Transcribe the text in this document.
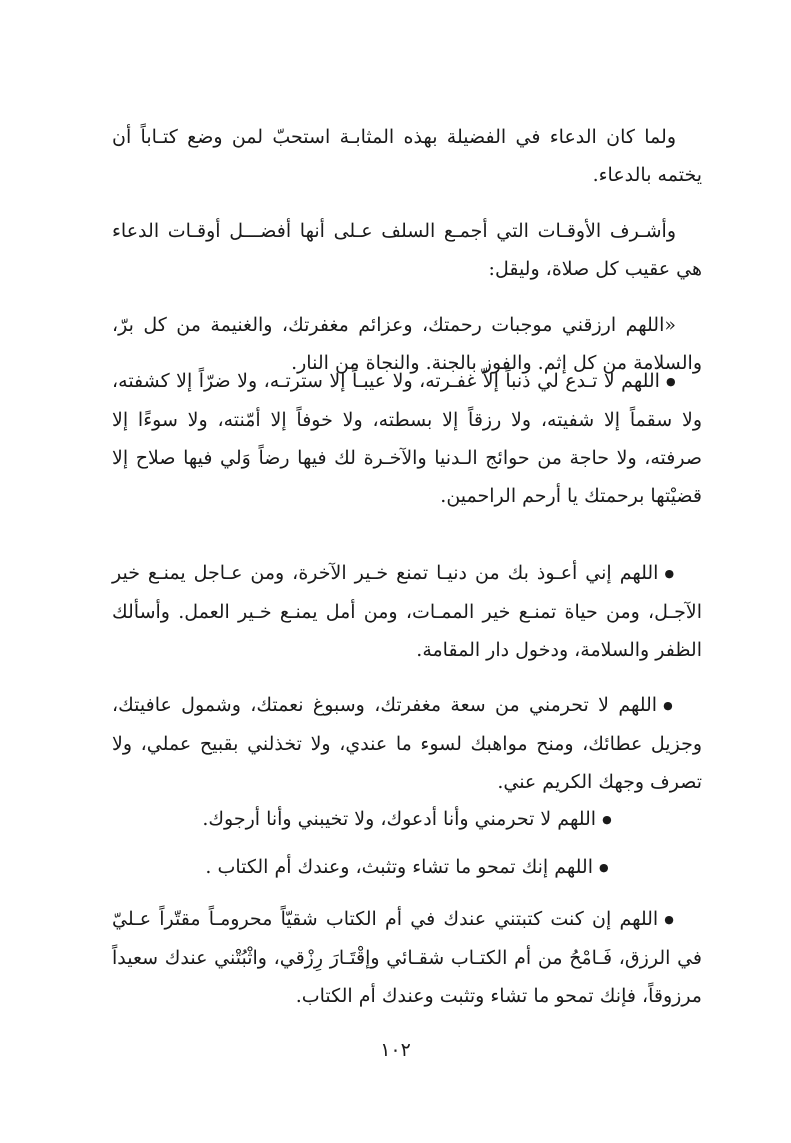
ولما كان الدعاء في الفضيلة بهذه المثابـة استحبّ لمن وضع كتـاباً أن يختمه بالدعاء.

وأشـرف الأوقـات التي أجمـع السلف عـلى أنها أفضـــل أوقـات الدعاء هي عقيب كل صلاة، وليقل:

«اللهم ارزقني موجبات رحمتك، وعزائم مغفرتك، والغنيمة من كل برّ، والسلامة من كل إثم. والفوز بالجنة. والنجاة من النار.

● اللهم لا تـدع لي ذنباً إلاّ غفـرته، ولا عيبـاً إلا سترتـه، ولا ضرّاً إلا كشفته، ولا سقماً إلا شفيته، ولا رزقاً إلا بسطته، ولا خوفاً إلا أمّنته، ولا سوءًا إلا صرفته، ولا حاجة من حوائج الـدنيا والآخـرة لك فيها رضاً وَلي فيها صلاح إلا قضيْتها برحمتك يا أرحم الراحمين.

● اللهم إني أعـوذ بك من دنيـا تمنع خـير الآخرة، ومن عـاجل يمنـع خير الآجـل، ومن حياة تمنـع خير الممـات، ومن أمل يمنـع خـير العمل. وأسألك الظفر والسلامة، ودخول دار المقامة.

● اللهم لا تحرمني من سعة مغفرتك، وسبوغ نعمتك، وشمول عافيتك، وجزيل عطائك، ومنح مواهبك لسوء ما عندي، ولا تخذلني بقبيح عملي، ولا تصرف وجهك الكريم عني.

● اللهم لا تحرمني وأنا أدعوك، ولا تخيبني وأنا أرجوك.

● اللهم إنك تمحو ما تشاء وتثبث، وعندك أم الكتاب .

● اللهم إن كنت كتبتني عندك في أم الكتاب شقيّاً محرومـاً مقتّراً عـليّ في الرزق، فَـامْحُ من أم الكتـاب شقـائي وإقْتَـارَ رِزْقي، واثْبُتْني عندك سعيداً مرزوقاً، فإنك تمحو ما تشاء وتثبت وعندك أم الكتاب.

١٠٢
